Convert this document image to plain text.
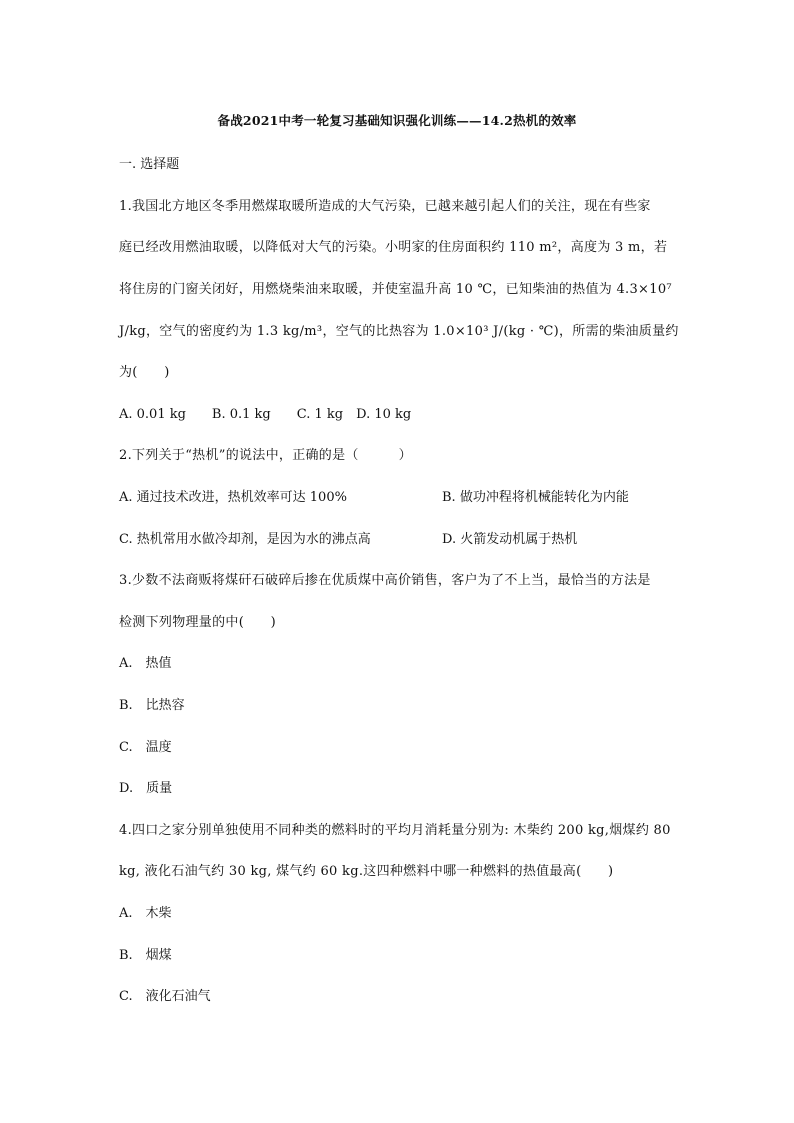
备战2021中考一轮复习基础知识强化训练——14.2热机的效率
一. 选择题
1.我国北方地区冬季用燃煤取暖所造成的大气污染，已越来越引起人们的关注，现在有些家
庭已经改用燃油取暖，以降低对大气的污染。小明家的住房面积约 110 m²，高度为 3 m，若
将住房的门窗关闭好，用燃烧柴油来取暖，并使室温升高 10 ℃，已知柴油的热值为 4.3×10⁷
J/kg，空气的密度约为 1.3 kg/m³，空气的比热容为 1.0×10³ J/(kg · ℃)，所需的柴油质量约
为(　　)
A. 0.01 kg　　B. 0.1 kg　　C. 1 kg　D. 10 kg
2.下列关于“热机”的说法中，正确的是（　　　）
A. 通过技术改进，热机效率可达 100%	B. 做功冲程将机械能转化为内能
C. 热机常用水做冷却剂，是因为水的沸点高	D. 火箭发动机属于热机
3.少数不法商贩将煤矸石破碎后掺在优质煤中高价销售，客户为了不上当，最恰当的方法是
检测下列物理量的中(　　)
A.　热值
B.　比热容
C.　温度
D.　质量
4.四口之家分别单独使用不同种类的燃料时的平均月消耗量分别为: 木柴约 200 kg,烟煤约 80
kg, 液化石油气约 30 kg, 煤气约 60 kg.这四种燃料中哪一种燃料的热值最高(　　)
A.　木柴
B.　烟煤
C.　液化石油气
